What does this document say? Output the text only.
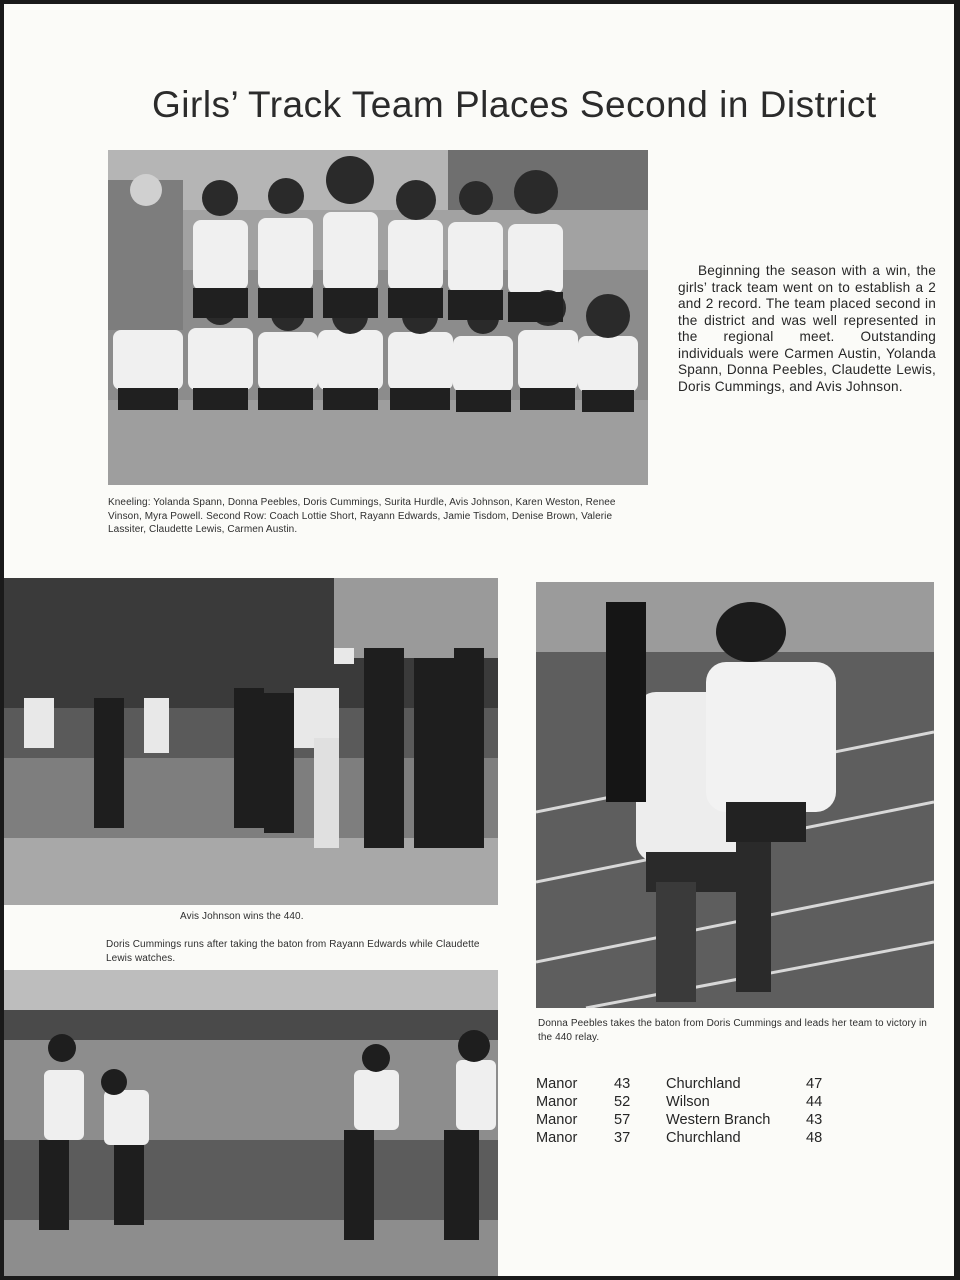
Girls’ Track Team Places Second in District
Beginning the season with a win, the girls’ track team went on to establish a 2 and 2 record. The team placed second in the district and was well represented in the regional meet. Outstanding individuals were Carmen Austin, Yolanda Spann, Donna Peebles, Claudette Lewis, Doris Cummings, and Avis Johnson.
Kneeling: Yolanda Spann, Donna Peebles, Doris Cummings, Surita Hurdle, Avis Johnson, Karen Weston, Renee Vinson, Myra Powell. Second Row: Coach Lottie Short, Rayann Edwards, Jamie Tisdom, Denise Brown, Valerie Lassiter, Claudette Lewis, Carmen Austin.
Avis Johnson wins the 440.
Doris Cummings runs after taking the baton from Rayann Edwards while Claudette Lewis watches.
Donna Peebles takes the baton from Doris Cummings and leads her team to victory in the 440 relay.
Manor	43 Churchland	47
Manor	52 Wilson	44
Manor	57 Western Branch 43
Manor	37 Churchland	48
